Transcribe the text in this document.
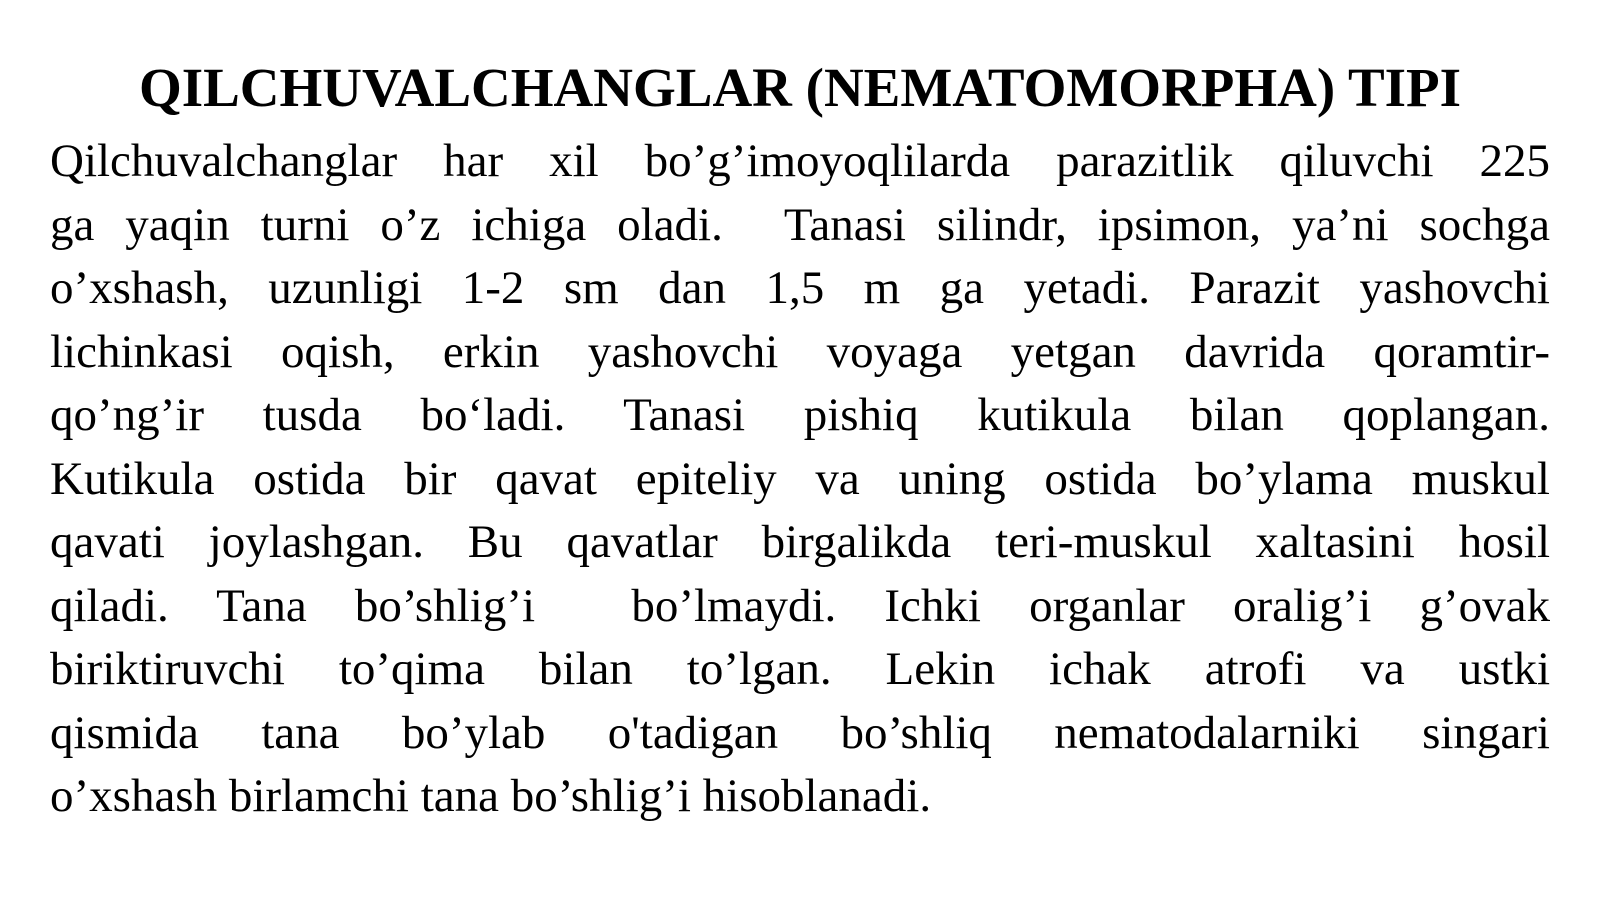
QILCHUVALCHANGLAR (NEMATOMORPHA) TIPI
Qilchuvalchanglar har xil bo’g’imoyoqlilarda parazitlik qiluvchi 225
ga yaqin turni o’z ichiga oladi.  Tanasi silindr, ipsimon, ya’ni sochga
o’xshash, uzunligi 1-2 sm dan 1,5 m ga yetadi. Parazit yashovchi
lichinkasi oqish, erkin yashovchi voyaga yetgan davrida qoramtir-
qo’ng’ir tusda bo‘ladi. Tanasi pishiq kutikula bilan qoplangan.
Kutikula ostida bir qavat epiteliy va uning ostida bo’ylama muskul
qavati joylashgan. Bu qavatlar birgalikda teri-muskul xaltasini hosil
qiladi. Tana bo’shlig’i  bo’lmaydi. Ichki organlar oralig’i g’ovak
biriktiruvchi to’qima bilan to’lgan. Lekin ichak atrofi va ustki
qismida tana bo’ylab o'tadigan bo’shliq nematodalarniki singari
o’xshash birlamchi tana bo’shlig’i hisoblanadi.
